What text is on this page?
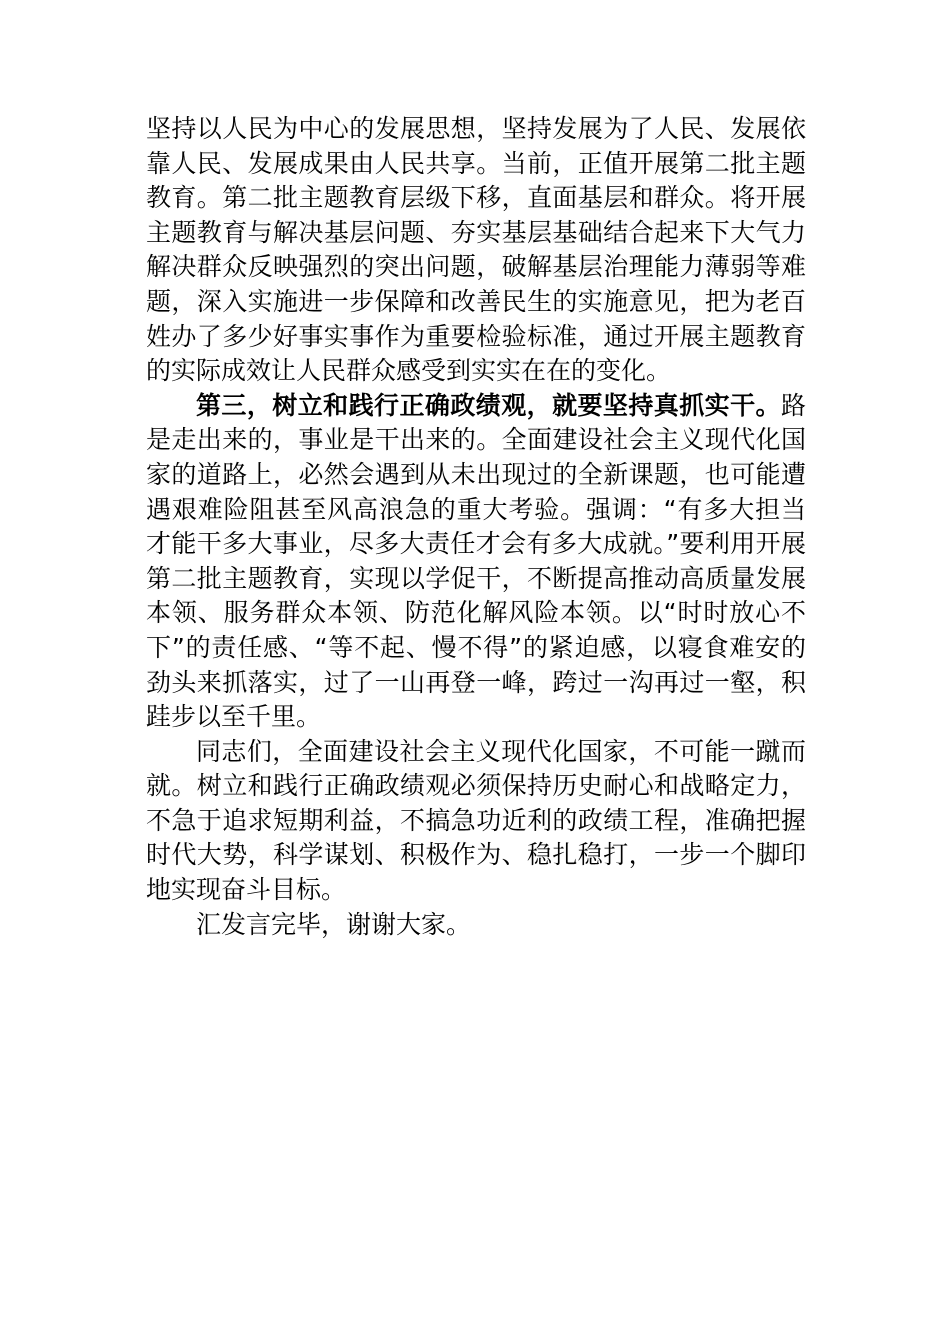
坚持以人民为中心的发展思想，坚持发展为了人民、发展依靠人民、发展成果由人民共享。当前，正值开展第二批主题教育。第二批主题教育层级下移，直面基层和群众。将开展主题教育与解决基层问题、夯实基层基础结合起来下大气力解决群众反映强烈的突出问题，破解基层治理能力薄弱等难题，深入实施进一步保障和改善民生的实施意见，把为老百姓办了多少好事实事作为重要检验标准，通过开展主题教育的实际成效让人民群众感受到实实在在的变化。

第三，树立和践行正确政绩观，就要坚持真抓实干。路是走出来的，事业是干出来的。全面建设社会主义现代化国家的道路上，必然会遇到从未出现过的全新课题，也可能遭遇艰难险阻甚至风高浪急的重大考验。强调：“有多大担当才能干多大事业，尽多大责任才会有多大成就。”要利用开展第二批主题教育，实现以学促干，不断提高推动高质量发展本领、服务群众本领、防范化解风险本领。以“时时放心不下”的责任感、“等不起、慢不得”的紧迫感，以寝食难安的劲头来抓落实，过了一山再登一峰，跨过一沟再过一壑，积跬步以至千里。

同志们，全面建设社会主义现代化国家，不可能一蹴而就。树立和践行正确政绩观必须保持历史耐心和战略定力，不急于追求短期利益，不搞急功近利的政绩工程，准确把握时代大势，科学谋划、积极作为、稳扎稳打，一步一个脚印地实现奋斗目标。

汇发言完毕，谢谢大家。
